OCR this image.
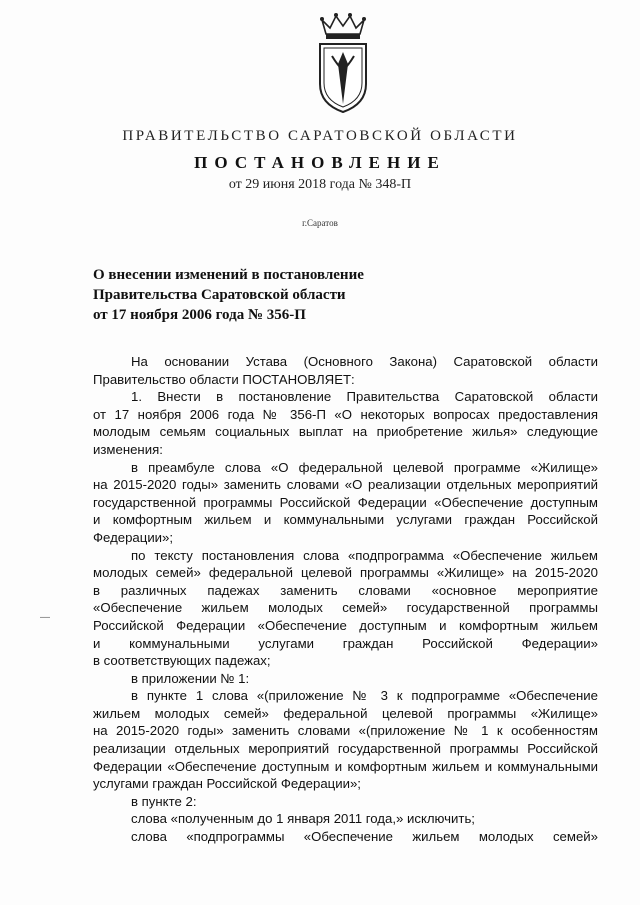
ПРАВИТЕЛЬСТВО САРАТОВСКОЙ ОБЛАСТИ
ПОСТАНОВЛЕНИЕ
от 29 июня 2018 года № 348-П
г.Саратов
О внесении изменений в постановление
Правительства Саратовской области
от 17 ноября 2006 года № 356-П
На основании Устава (Основного Закона) Саратовской области
Правительство области ПОСТАНОВЛЯЕТ:
1. Внести в постановление Правительства Саратовской области
от 17 ноября 2006 года № 356-П «О некоторых вопросах предоставления
молодым семьям социальных выплат на приобретение жилья» следующие
изменения:
в преамбуле слова «О федеральной целевой программе «Жилище»
на 2015-2020 годы» заменить словами «О реализации отдельных мероприятий
государственной программы Российской Федерации «Обеспечение доступным
и комфортным жильем и коммунальными услугами граждан Российской
Федерации»;
по тексту постановления слова «подпрограмма «Обеспечение жильем
молодых семей» федеральной целевой программы «Жилище» на 2015-2020
в различных падежах заменить словами «основное мероприятие
«Обеспечение жильем молодых семей» государственной программы
Российской Федерации «Обеспечение доступным и комфортным жильем
и коммунальными услугами граждан Российской Федерации»
в соответствующих падежах;
в приложении № 1:
в пункте 1 слова «(приложение № 3 к подпрограмме «Обеспечение
жильем молодых семей» федеральной целевой программы «Жилище»
на 2015-2020 годы» заменить словами «(приложение № 1 к особенностям
реализации отдельных мероприятий государственной программы Российской
Федерации «Обеспечение доступным и комфортным жильем и коммунальными
услугами граждан Российской Федерации»;
в пункте 2:
слова «полученным до 1 января 2011 года,» исключить;
слова «подпрограммы «Обеспечение жильем молодых семей»
—
